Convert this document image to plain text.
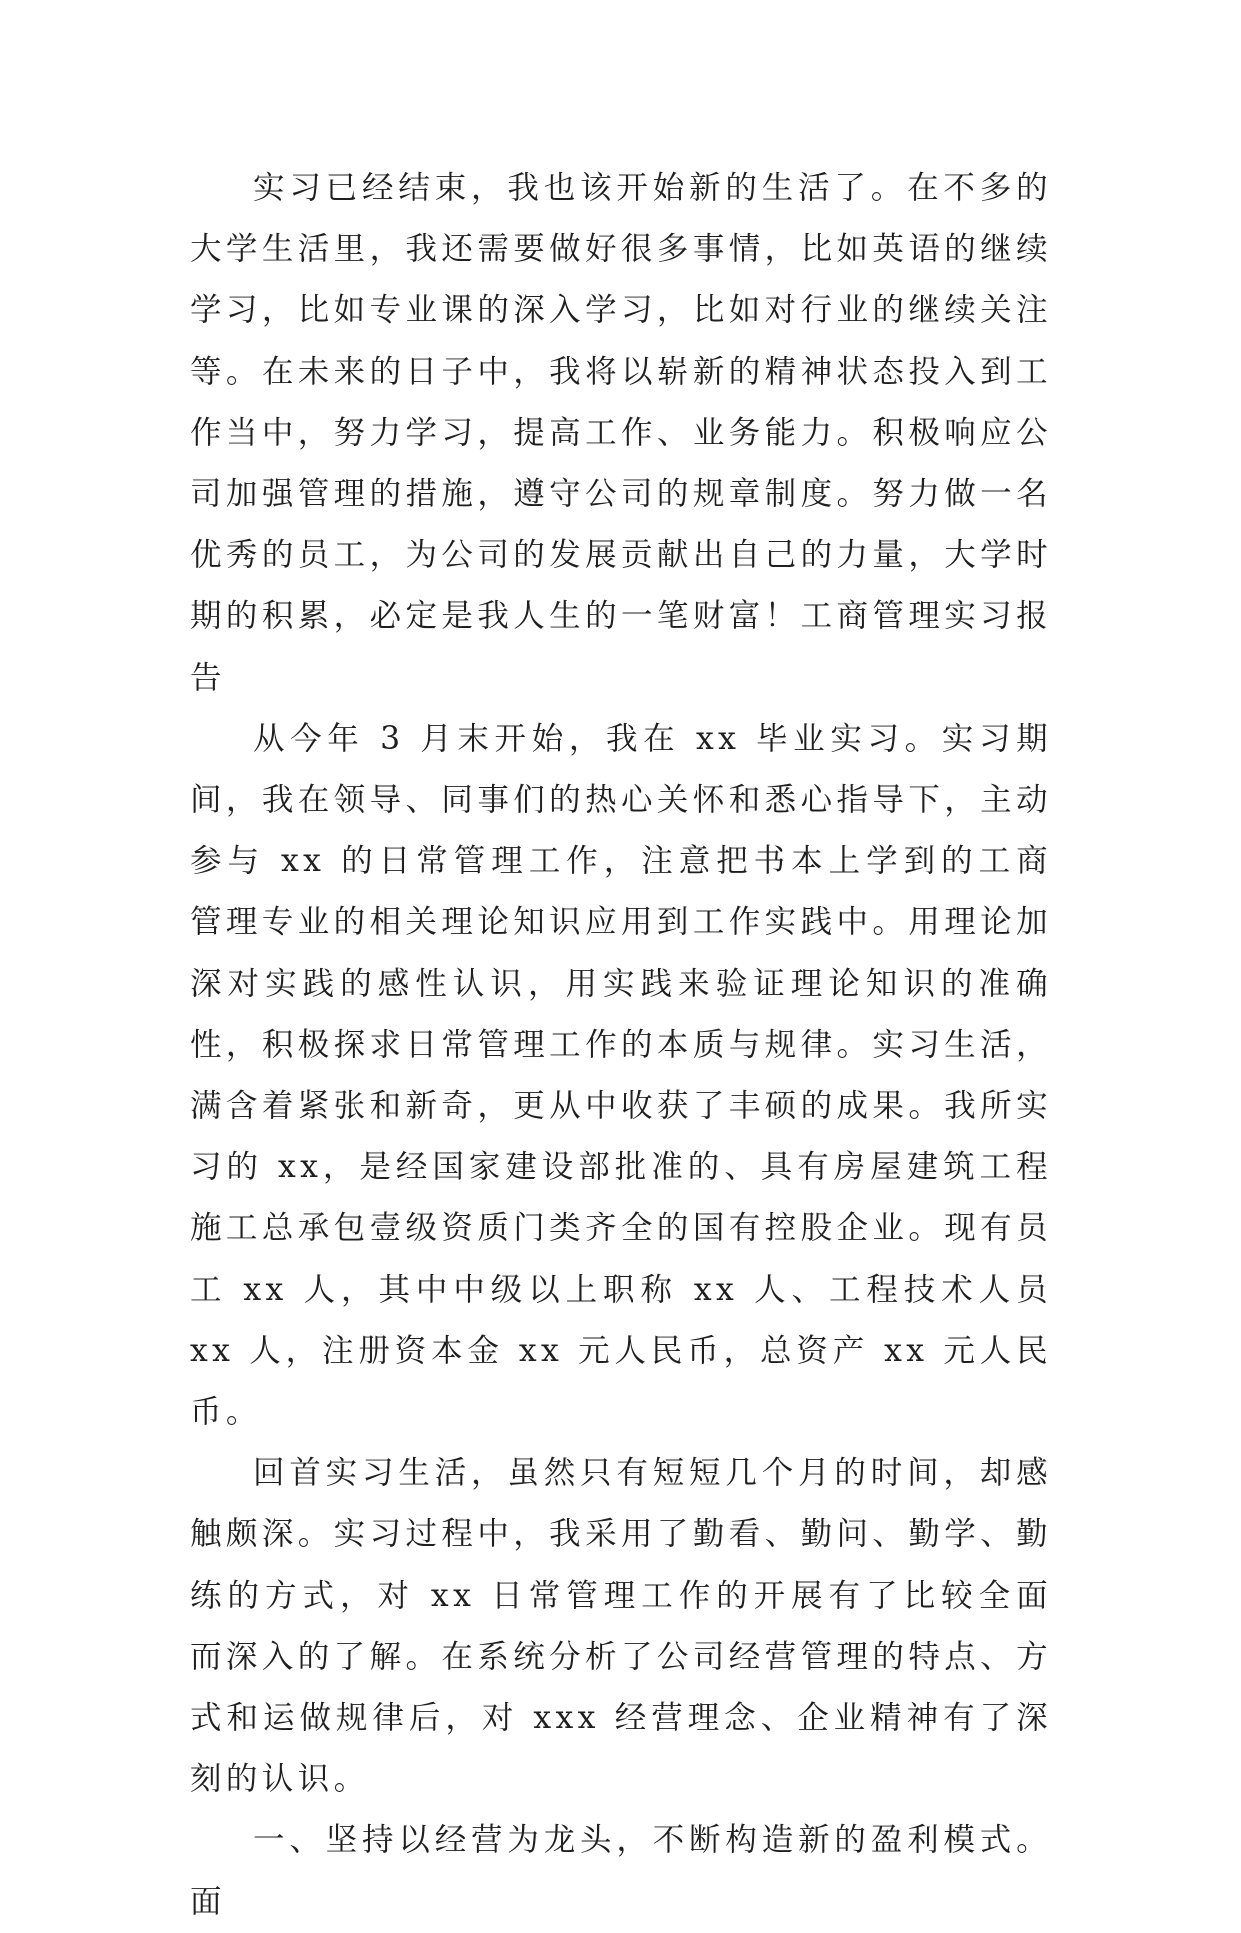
实习已经结束，我也该开始新的生活了。在不多的大学生活里，我还需要做好很多事情，比如英语的继续学习，比如专业课的深入学习，比如对行业的继续关注等。在未来的日子中，我将以崭新的精神状态投入到工作当中，努力学习，提高工作、业务能力。积极响应公司加强管理的措施，遵守公司的规章制度。努力做一名优秀的员工，为公司的发展贡献出自己的力量，大学时期的积累，必定是我人生的一笔财富！工商管理实习报告

从今年 3 月末开始，我在 xx 毕业实习。实习期间，我在领导、同事们的热心关怀和悉心指导下，主动参与 xx 的日常管理工作，注意把书本上学到的工商管理专业的相关理论知识应用到工作实践中。用理论加深对实践的感性认识，用实践来验证理论知识的准确性，积极探求日常管理工作的本质与规律。实习生活，满含着紧张和新奇，更从中收获了丰硕的成果。我所实习的 xx，是经国家建设部批准的、具有房屋建筑工程施工总承包壹级资质门类齐全的国有控股企业。现有员工 xx 人，其中中级以上职称 xx 人、工程技术人员 xx 人，注册资本金 xx 元人民币，总资产 xx 元人民币。

回首实习生活，虽然只有短短几个月的时间，却感触颇深。实习过程中，我采用了勤看、勤问、勤学、勤练的方式，对 xx 日常管理工作的开展有了比较全面而深入的了解。在系统分析了公司经营管理的特点、方式和运做规律后，对 xxx 经营理念、企业精神有了深刻的认识。

一、坚持以经营为龙头，不断构造新的盈利模式。 面
